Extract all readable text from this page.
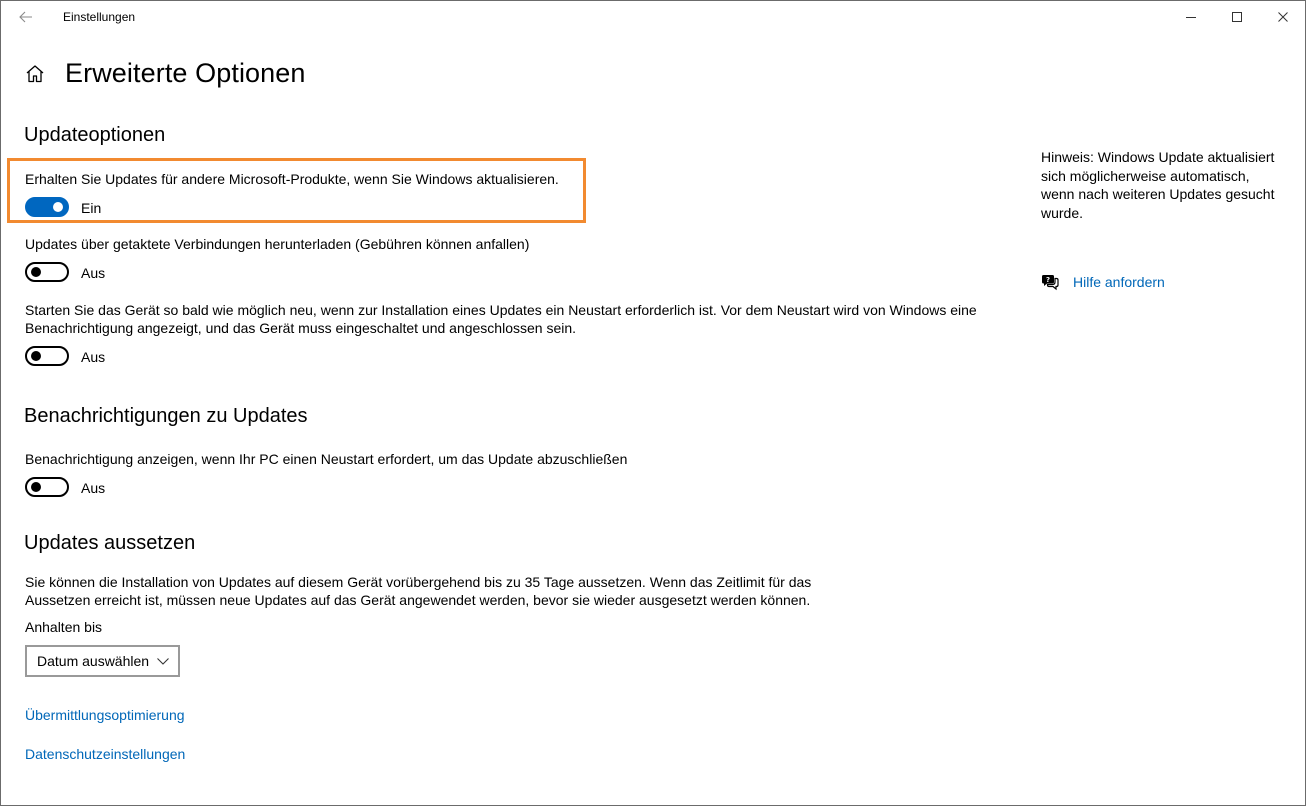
Einstellungen
Erweiterte Optionen
Updateoptionen
Erhalten Sie Updates für andere Microsoft-Produkte, wenn Sie Windows aktualisieren.
Ein
Updates über getaktete Verbindungen herunterladen (Gebühren können anfallen)
Aus
Starten Sie das Gerät so bald wie möglich neu, wenn zur Installation eines Updates ein Neustart erforderlich ist. Vor dem Neustart wird von Windows eine
Benachrichtigung angezeigt, und das Gerät muss eingeschaltet und angeschlossen sein.
Aus
Benachrichtigungen zu Updates
Benachrichtigung anzeigen, wenn Ihr PC einen Neustart erfordert, um das Update abzuschließen
Aus
Updates aussetzen
Sie können die Installation von Updates auf diesem Gerät vorübergehend bis zu 35 Tage aussetzen. Wenn das Zeitlimit für das
Aussetzen erreicht ist, müssen neue Updates auf das Gerät angewendet werden, bevor sie wieder ausgesetzt werden können.
Anhalten bis
Datum auswählen
Übermittlungsoptimierung
Datenschutzeinstellungen
Hinweis: Windows Update aktualisiert sich möglicherweise automatisch, wenn nach weiteren Updates gesucht wurde.
? Hilfe anfordern
